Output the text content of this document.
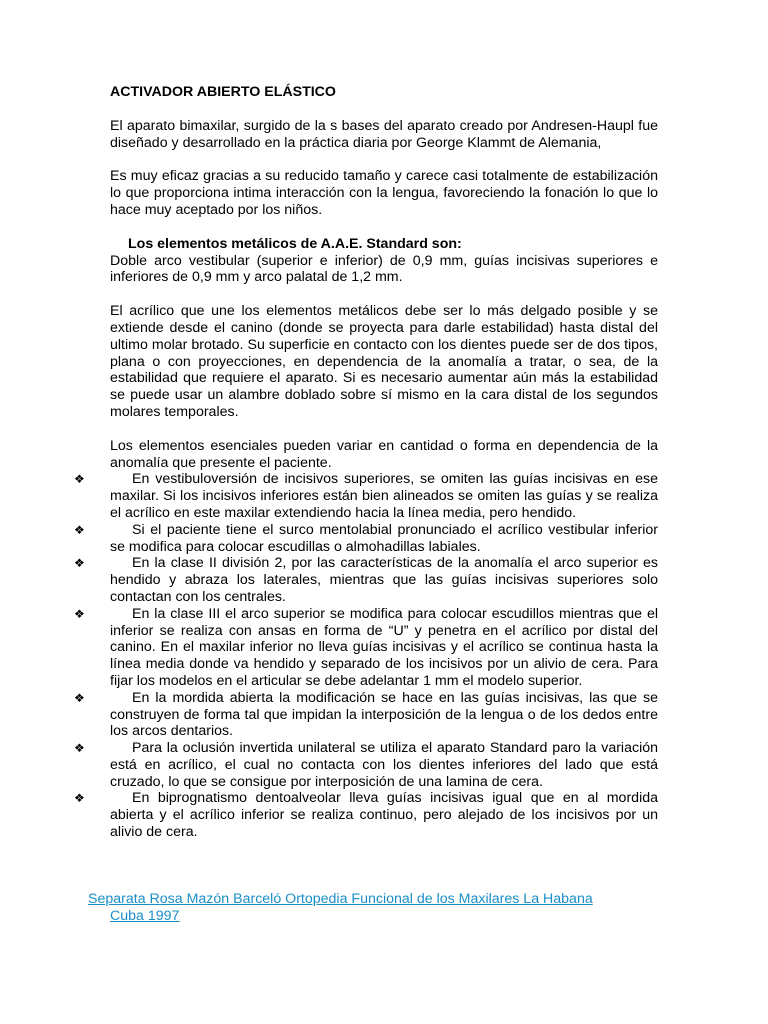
ACTIVADOR ABIERTO ELÁSTICO

El aparato bimaxilar, surgido de la s bases del aparato creado por Andresen-Haupl fue diseñado y desarrollado en la práctica diaria por George Klammt de Alemania,

Es muy eficaz gracias a su reducido tamaño y carece casi totalmente de estabilización lo que proporciona intima interacción con la lengua, favoreciendo la fonación lo que lo hace muy aceptado por los niños.

Los elementos metálicos de A.A.E. Standard son:

Doble arco vestibular (superior e inferior) de 0,9 mm, guías incisivas superiores e inferiores de 0,9 mm y arco palatal de 1,2 mm.

El acrílico que une los elementos metálicos debe ser lo más delgado posible y se extiende desde el canino (donde se proyecta para darle estabilidad) hasta distal del ultimo molar brotado. Su superficie en contacto con los dientes puede ser de dos tipos, plana o con proyecciones, en dependencia de la anomalía a tratar, o sea, de la estabilidad que requiere el aparato. Si es necesario aumentar aún más la estabilidad se puede usar un alambre doblado sobre sí mismo en la cara distal de los segundos molares temporales.

Los elementos esenciales pueden variar en cantidad o forma en dependencia de la anomalía que presente el paciente.

❖	En vestibuloversión de incisivos superiores, se omiten las guías incisivas en ese maxilar. Si los incisivos inferiores están bien alineados se omiten las guías y se realiza el acrílico en este maxilar extendiendo hacia la línea media, pero hendido.
❖	Si el paciente tiene el surco mentolabial pronunciado el acrílico vestibular inferior se modifica para colocar escudillas o almohadillas labiales.
❖	En la clase II división 2, por las características de la anomalía el arco superior es hendido y abraza los laterales, mientras que las guías incisivas superiores solo contactan con los centrales.
❖	En la clase III el arco superior se modifica para colocar escudillos mientras que el inferior se realiza con ansas en forma de “U” y penetra en el acrílico por distal del canino. En el maxilar inferior no lleva guías incisivas y el acrílico se continua hasta la línea media donde va hendido y separado de los incisivos por un alivio de cera. Para fijar los modelos en el articular se debe adelantar 1 mm el modelo superior.
❖	En la mordida abierta la modificación se hace en las guías incisivas, las que se construyen de forma tal que impidan la interposición de la lengua o de los dedos entre los arcos dentarios.
❖	Para la oclusión invertida unilateral se utiliza el aparato Standard paro la variación está en acrílico, el cual no contacta con los dientes inferiores del lado que está cruzado, lo que se consigue por interposición de una lamina de cera.
❖	En biprognatismo dentoalveolar lleva guías incisivas igual que en al mordida abierta y el acrílico inferior se realiza continuo, pero alejado de los incisivos por un alivio de cera.
Separata Rosa Mazón Barceló Ortopedia Funcional de los Maxilares La Habana
Cuba 1997
